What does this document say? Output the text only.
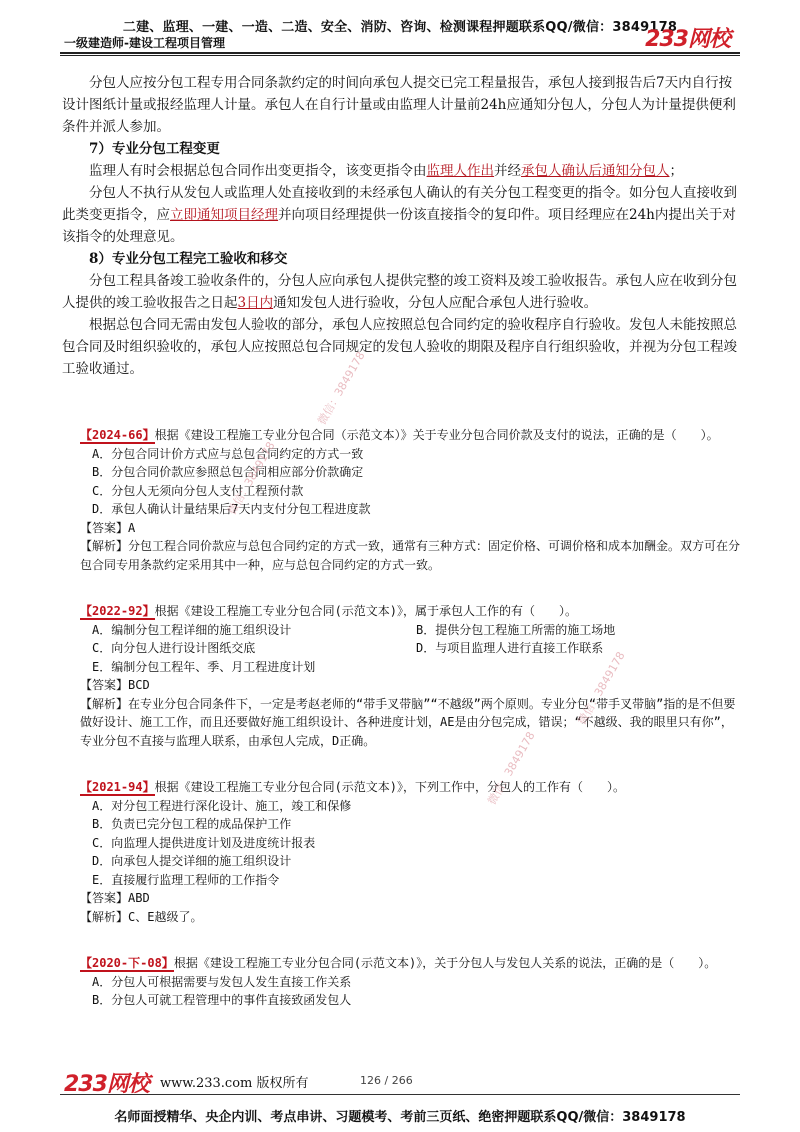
二建、监理、一建、一造、二造、安全、消防、咨询、检测课程押题联系QQ/微信：3849178
一级建造师-建设工程项目管理	233网校

分包人应按分包工程专用合同条款约定的时间向承包人提交已完工程量报告，承包人接到报告后7天内自行按设计图纸计量或报经监理人计量。承包人在自行计量或由监理人计量前24h应通知分包人，分包人为计量提供便利条件并派人参加。

7）专业分包工程变更

监理人有时会根据总包合同作出变更指令，该变更指令由监理人作出并经承包人确认后通知分包人；

分包人不执行从发包人或监理人处直接收到的未经承包人确认的有关分包工程变更的指令。如分包人直接收到此类变更指令，应立即通知项目经理并向项目经理提供一份该直接指令的复印件。项目经理应在24h内提出关于对该指令的处理意见。

8）专业分包工程完工验收和移交

分包工程具备竣工验收条件的，分包人应向承包人提供完整的竣工资料及竣工验收报告。承包人应在收到分包人提供的竣工验收报告之日起3日内通知发包人进行验收，分包人应配合承包人进行验收。

根据总包合同无需由发包人验收的部分，承包人应按照总包合同约定的验收程序自行验收。发包人未能按照总包合同及时组织验收的，承包人应按照总包合同规定的发包人验收的期限及程序自行组织验收，并视为分包工程竣工验收通过。

【2024-66】根据《建设工程施工专业分包合同（示范文本）》关于专业分包合同价款及支付的说法，正确的是（　　）。

A．分包合同计价方式应与总包合同约定的方式一致

B．分包合同价款应参照总包合同相应部分价款确定

C．分包人无须向分包人支付工程预付款

D．承包人确认计量结果后7天内支付分包工程进度款

【答案】A

【解析】分包工程合同价款应与总包合同约定的方式一致，通常有三种方式：固定价格、可调价格和成本加酬金。双方可在分包合同专用条款约定采用其中一种，应与总包合同约定的方式一致。

【2022-92】根据《建设工程施工专业分包合同(示范文本)》，属于承包人工作的有（　　）。

A．编制分包工程详细的施工组织设计	B．提供分包工程施工所需的施工场地
C．向分包人进行设计图纸交底	D．与项目监理人进行直接工作联系

E．编制分包工程年、季、月工程进度计划

【答案】BCD

【解析】在专业分包合同条件下，一定是考赵老师的“带手叉带脑”“不越级”两个原则。专业分包“带手叉带脑”指的是不但要做好设计、施工工作，而且还要做好施工组织设计、各种进度计划，AE是由分包完成，错误；“不越级、我的眼里只有你”，专业分包不直接与监理人联系，由承包人完成，D正确。

【2021-94】根据《建设工程施工专业分包合同(示范文本)》，下列工作中，分包人的工作有（　　）。

A．对分包工程进行深化设计、施工，竣工和保修

B．负责已完分包工程的成品保护工作

C．向监理人提供进度计划及进度统计报表

D．向承包人提交详细的施工组织设计

E．直接履行监理工程师的工作指令

【答案】ABD

【解析】C、E越级了。

【2020-下-08】根据《建设工程施工专业分包合同(示范文本)》，关于分包人与发包人关系的说法，正确的是（　　）。

A．分包人可根据需要与发包人发生直接工作关系

B．分包人可就工程管理中的事件直接致函发包人

微信：3849178
微信：3849178
微信：3849178
微信：3849178
233网校 www.233.com 版权所有	126 / 266
名师面授精华、央企内训、考点串讲、习题模考、考前三页纸、绝密押题联系QQ/微信：3849178
